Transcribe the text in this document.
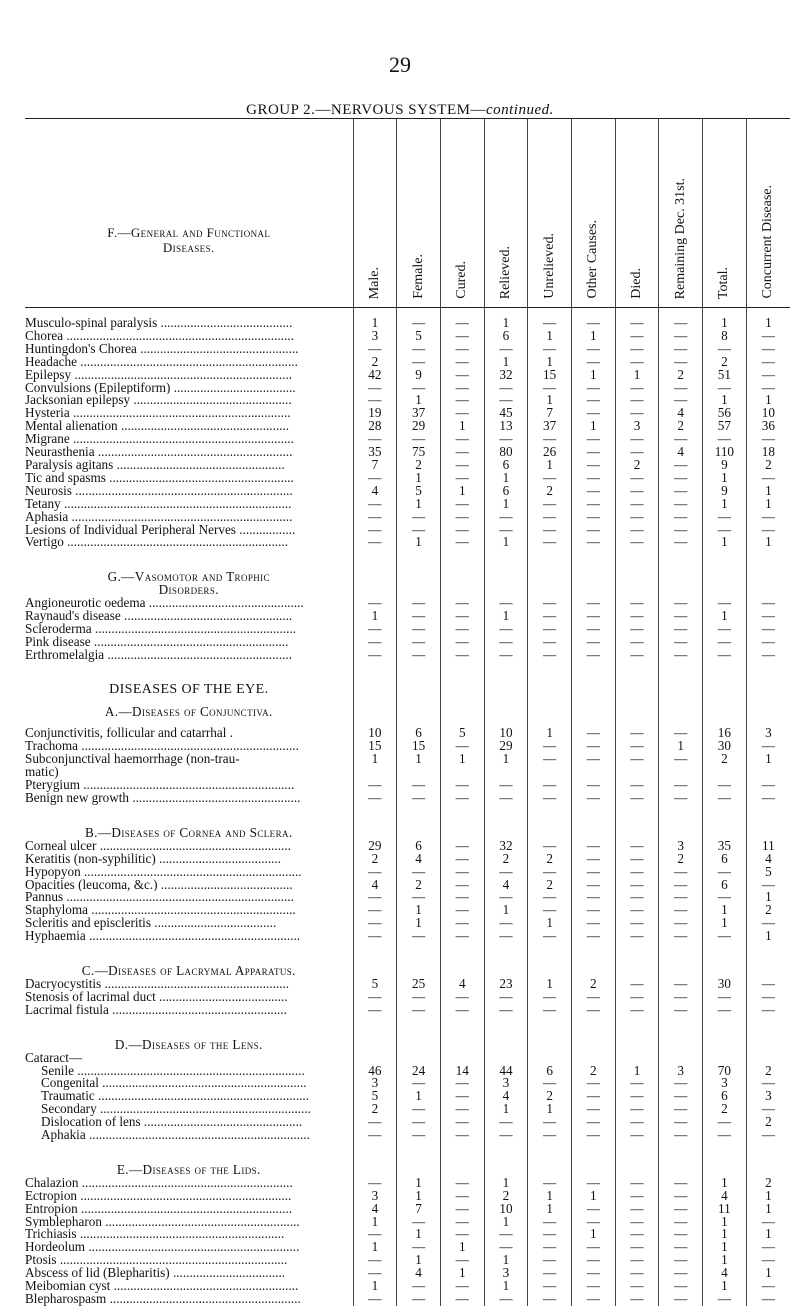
29
GROUP 2.—NERVOUS SYSTEM—continued.
F.—General and Functional
Diseases.	Male.	Female.	Cured.	Relieved.	Unrelieved.	Other Causes.	Died.	Remaining Dec. 31st.	Total.	Concurrent Disease.

Musculo-spinal paralysis ........................................	1	—	—	1	—	—	—	—	1	1
Chorea .....................................................................	3	5	—	6	1	1	—	—	8	—
Huntingdon's Chorea ................................................	—	—	—	—	—	—	—	—	—	—
Headache ..................................................................	2	—	—	1	1	—	—	—	2	—
Epilepsy ..................................................................	42	9	—	32	15	1	1	2	51	—
Convulsions (Epileptiform) .....................................	—	—	—	—	—	—	—	—	—	—
Jacksonian epilepsy ................................................	—	1	—	—	1	—	—	—	1	1
Hysteria ..................................................................	19	37	—	45	7	—	—	4	56	10
Mental alienation ...................................................	28	29	1	13	37	1	3	2	57	36
Migrane ...................................................................	—	—	—	—	—	—	—	—	—	—
Neurasthenia ...........................................................	35	75	—	80	26	—	—	4	110	18
Paralysis agitans ...................................................	7	2	—	6	1	—	2	—	9	2
Tic and spasms ........................................................	—	1	—	1	—	—	—	—	1	—
Neurosis ..................................................................	4	5	1	6	2	—	—	—	9	1
Tetany .....................................................................	—	1	—	1	—	—	—	—	1	1
Aphasia ...................................................................	—	—	—	—	—	—	—	—	—	—
Lesions of Individual Peripheral Nerves .................	—	—	—	—	—	—	—	—	—	—
Vertigo ...................................................................	—	1	—	1	—	—	—	—	1	1

G.—Vasomotor and Trophic										
Disorders.										
Angioneurotic oedema ...............................................	—	—	—	—	—	—	—	—	—	—
Raynaud's disease ...................................................	1	—	—	1	—	—	—	—	1	—
Scleroderma .............................................................	—	—	—	—	—	—	—	—	—	—
Pink disease ...........................................................	—	—	—	—	—	—	—	—	—	—
Erthromelalgia ........................................................	—	—	—	—	—	—	—	—	—	—

DISEASES OF THE EYE.										

A.—Diseases of Conjunctiva.										

Conjunctivitis, follicular and catarrhal .	10	6	5	10	1	—	—	—	16	3
Trachoma ..................................................................	15	15	—	29	—	—	—	1	30	—
Subconjunctival haemorrhage (non-trau-	1	1	1	1	—	—	—	—	2	1
matic)										
Pterygium ................................................................	—	—	—	—	—	—	—	—	—	—
Benign new growth ...................................................	—	—	—	—	—	—	—	—	—	—

B.—Diseases of Cornea and Sclera.										
Corneal ulcer ..........................................................	29	6	—	32	—	—	—	3	35	11
Keratitis (non-syphilitic) .....................................	2	4	—	2	2	—	—	2	6	4
Hypopyon ..................................................................	—	—	—	—	—	—	—	—	—	5
Opacities (leucoma, &c.) ........................................	4	2	—	4	2	—	—	—	6	—
Pannus .....................................................................	—	—	—	—	—	—	—	—	—	1
Staphyloma ..............................................................	—	1	—	1	—	—	—	—	1	2
Scleritis and episcleritis .....................................	—	1	—	—	1	—	—	—	1	—
Hyphaemia ................................................................	—	—	—	—	—	—	—	—	—	1

C.—Diseases of Lacrymal Apparatus.										
Dacryocystitis ........................................................	5	25	4	23	1	2	—	—	30	—
Stenosis of lacrimal duct .......................................	—	—	—	—	—	—	—	—	—	—
Lacrimal fistula .....................................................	—	—	—	—	—	—	—	—	—	—

D.—Diseases of the Lens.										
Cataract—										
Senile .....................................................................	46	24	14	44	6	2	1	3	70	2
Congenital ..............................................................	3	—	—	3	—	—	—	—	3	—
Traumatic ................................................................	5	1	—	4	2	—	—	—	6	3
Secondary ................................................................	2	—	—	1	1	—	—	—	2	—
Dislocation of lens ................................................	—	—	—	—	—	—	—	—	—	2
Aphakia ...................................................................	—	—	—	—	—	—	—	—	—	—

E.—Diseases of the Lids.										
Chalazion ................................................................	—	1	—	1	—	—	—	—	1	2
Ectropion ................................................................	3	1	—	2	1	1	—	—	4	1
Entropion ................................................................	4	7	—	10	1	—	—	—	11	1
Symblepharon ...........................................................	1	—	—	1	—	—	—	—	1	—
Trichiasis ..............................................................	—	1	—	—	—	1	—	—	1	1
Hordeolum ................................................................	1	—	1	—	—	—	—	—	1	—
Ptosis .....................................................................	—	1	—	1	—	—	—	—	1	—
Abscess of lid (Blepharitis) ..................................	—	4	1	3	—	—	—	—	4	1
Meibomian cyst ........................................................	1	—	—	1	—	—	—	—	1	—
Blepharospasm ..........................................................	—	—	—	—	—	—	—	—	—	—
